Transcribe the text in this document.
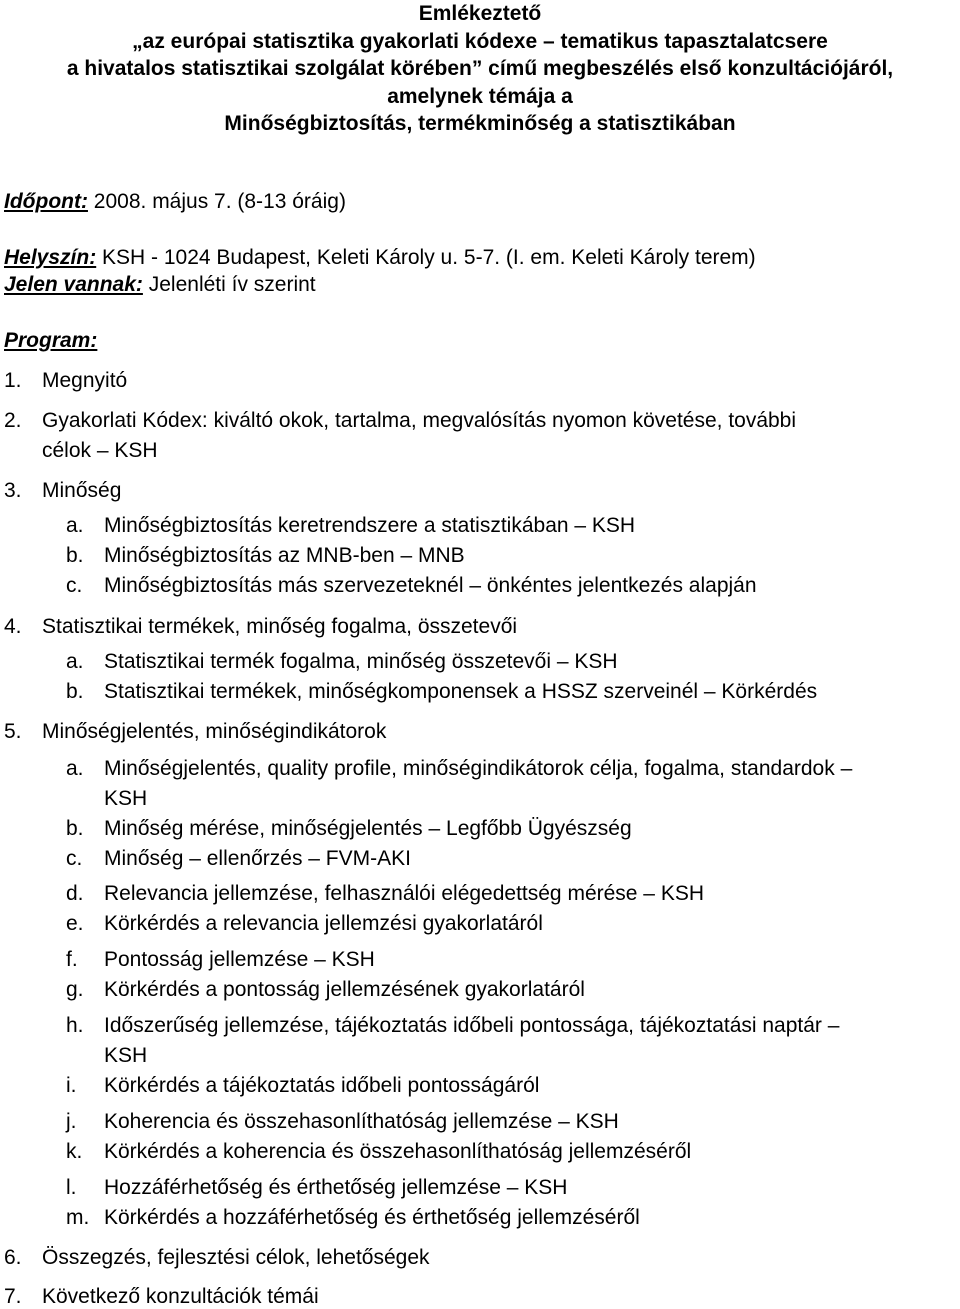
Emlékeztető
„az európai statisztika gyakorlati kódexe – tematikus tapasztalatcsere
a hivatalos statisztikai szolgálat körében” című megbeszélés első konzultációjáról,
amelynek témája a
Minőségbiztosítás, termékminőség a statisztikában
Időpont: 2008. május 7. (8-13 óráig)
Helyszín: KSH - 1024 Budapest, Keleti Károly u. 5-7. (I. em. Keleti Károly terem)
Jelen vannak: Jelenléti ív szerint
Program:
1. Megnyitó
2. Gyakorlati Kódex: kiváltó okok, tartalma, megvalósítás nyomon követése, további
célok – KSH
3. Minőség
a. Minőségbiztosítás keretrendszere a statisztikában – KSH
b. Minőségbiztosítás az MNB-ben – MNB
c. Minőségbiztosítás más szervezeteknél – önkéntes jelentkezés alapján
4. Statisztikai termékek, minőség fogalma, összetevői
a. Statisztikai termék fogalma, minőség összetevői – KSH
b. Statisztikai termékek, minőségkomponensek a HSSZ szerveinél – Körkérdés
5. Minőségjelentés, minőségindikátorok
a. Minőségjelentés, quality profile, minőségindikátorok célja, fogalma, standardok –
KSH
b. Minőség mérése, minőségjelentés – Legfőbb Ügyészség
c. Minőség – ellenőrzés – FVM-AKI
d. Relevancia jellemzése, felhasználói elégedettség mérése – KSH
e. Körkérdés a relevancia jellemzési gyakorlatáról
f. Pontosság jellemzése – KSH
g. Körkérdés a pontosság jellemzésének gyakorlatáról
h. Időszerűség jellemzése, tájékoztatás időbeli pontossága, tájékoztatási naptár –
KSH
i. Körkérdés a tájékoztatás időbeli pontosságáról
j. Koherencia és összehasonlíthatóság jellemzése – KSH
k. Körkérdés a koherencia és összehasonlíthatóság jellemzéséről
l. Hozzáférhetőség és érthetőség jellemzése – KSH
m. Körkérdés a hozzáférhetőség és érthetőség jellemzéséről
6. Összegzés, fejlesztési célok, lehetőségek
7. Következő konzultációk témái
